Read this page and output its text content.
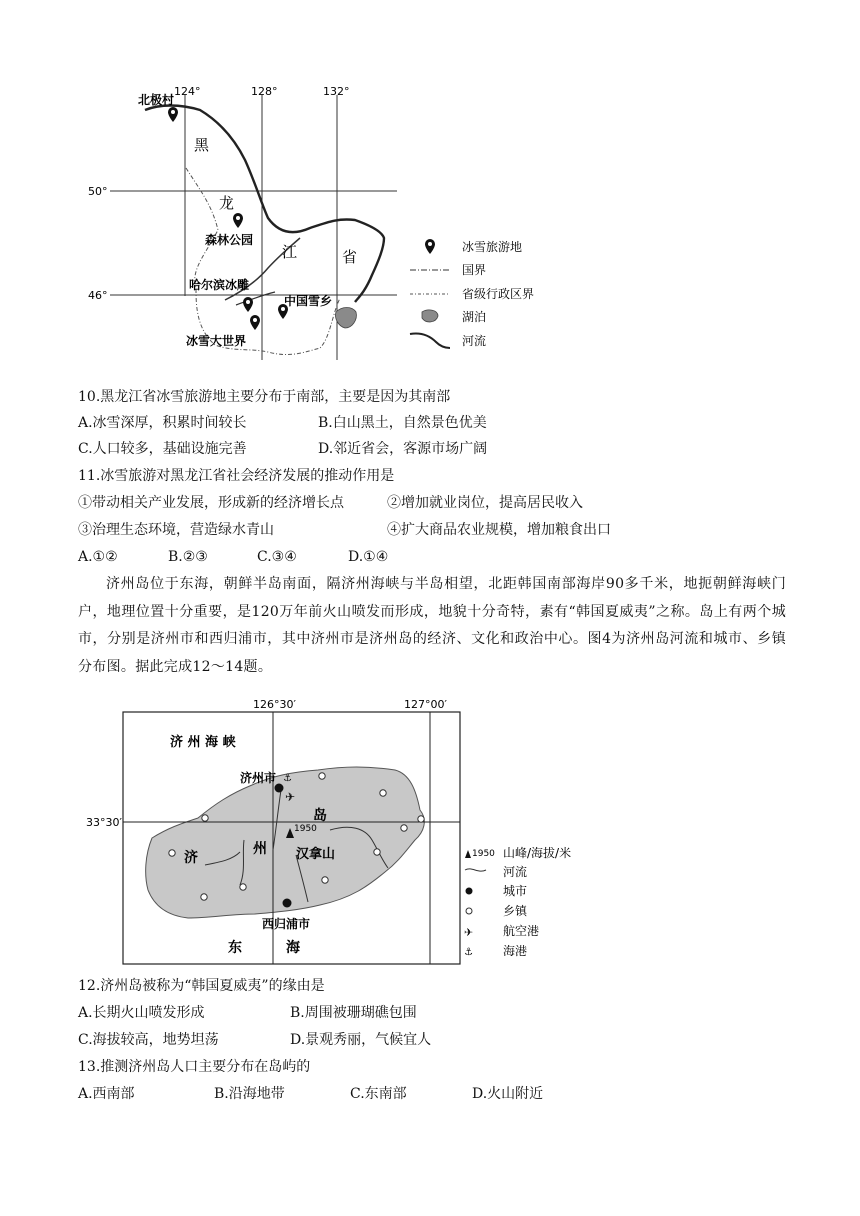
124°	128°	132°
50°
46°
黑
龙
江	省
北极村
森林公园
哈尔滨冰雕
中国雪乡
冰雪大世界
冰雪旅游地
国界
省级行政区界
湖泊
河流
10.黑龙江省冰雪旅游地主要分布于南部，主要是因为其南部
A.冰雪深厚，积累时间较长	B.白山黑土，自然景色优美
C.人口较多，基础设施完善	D.邻近省会，客源市场广阔
11.冰雪旅游对黑龙江省社会经济发展的推动作用是
①带动相关产业发展，形成新的经济增长点	②增加就业岗位，提高居民收入
③治理生态环境，营造绿水青山	④扩大商品农业规模，增加粮食出口
A.①②	B.②③	C.③④	D.①④
济州岛位于东海，朝鲜半岛南面，隔济州海峡与半岛相望，北距韩国南部海岸90多千米，地扼朝鲜海峡门户，地理位置十分重要，是120万年前火山喷发而形成，地貌十分奇特，素有“韩国夏威夷”之称。岛上有两个城市，分别是济州市和西归浦市，其中济州市是济州岛的经济、文化和政治中心。图4为济州岛河流和城市、乡镇分布图。据此完成12～14题。
✈
⚓
126°30′	127°00′
33°30′
济 州 海 峡
济州市
济
州
岛
1950
汉拿山
西归浦市
东	海
1950 山峰/海拔/米
河流
城市
乡镇
✈ 航空港
⚓	海港
12.济州岛被称为“韩国夏威夷”的缘由是
A.长期火山喷发形成	B.周围被珊瑚礁包围
C.海拔较高，地势坦荡	D.景观秀丽，气候宜人
13.推测济州岛人口主要分布在岛屿的
A.西南部	B.沿海地带	C.东南部	D.火山附近
